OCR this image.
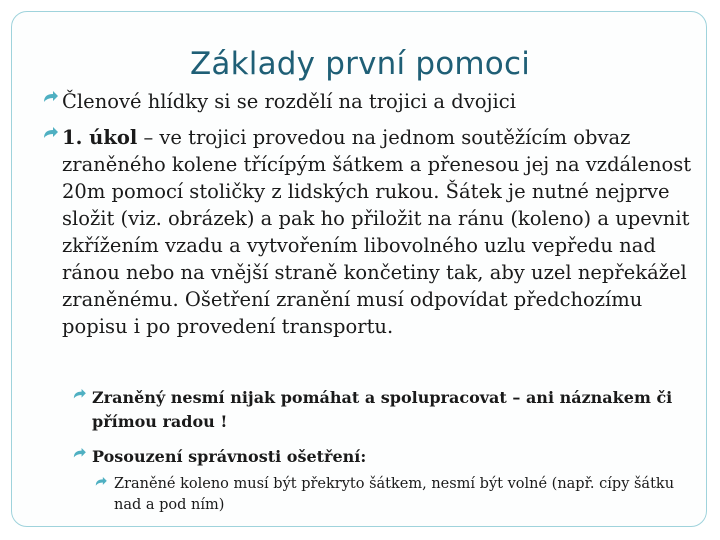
Základy první pomoci
Členové hlídky si se rozdělí na trojici a dvojici
1. úkol – ve trojici provedou na jednom soutěžícím obvaz zraněného kolene třícípým šátkem a přenesou jej na vzdálenost 20m pomocí stoličky z lidských rukou. Šátek je nutné nejprve složit (viz. obrázek) a pak ho přiložit na ránu (koleno) a upevnit zkřížením vzadu a vytvořením libovolného uzlu vepředu nad ránou nebo na vnější straně končetiny tak, aby uzel nepřekážel zraněnému. Ošetření zranění musí odpovídat předchozímu popisu i po provedení transportu.
Zraněný nesmí nijak pomáhat a spolupracovat – ani náznakem či přímou radou !
Posouzení správnosti ošetření:
Zraněné koleno musí být překryto šátkem, nesmí být volné (např. cípy šátku nad a pod ním)
